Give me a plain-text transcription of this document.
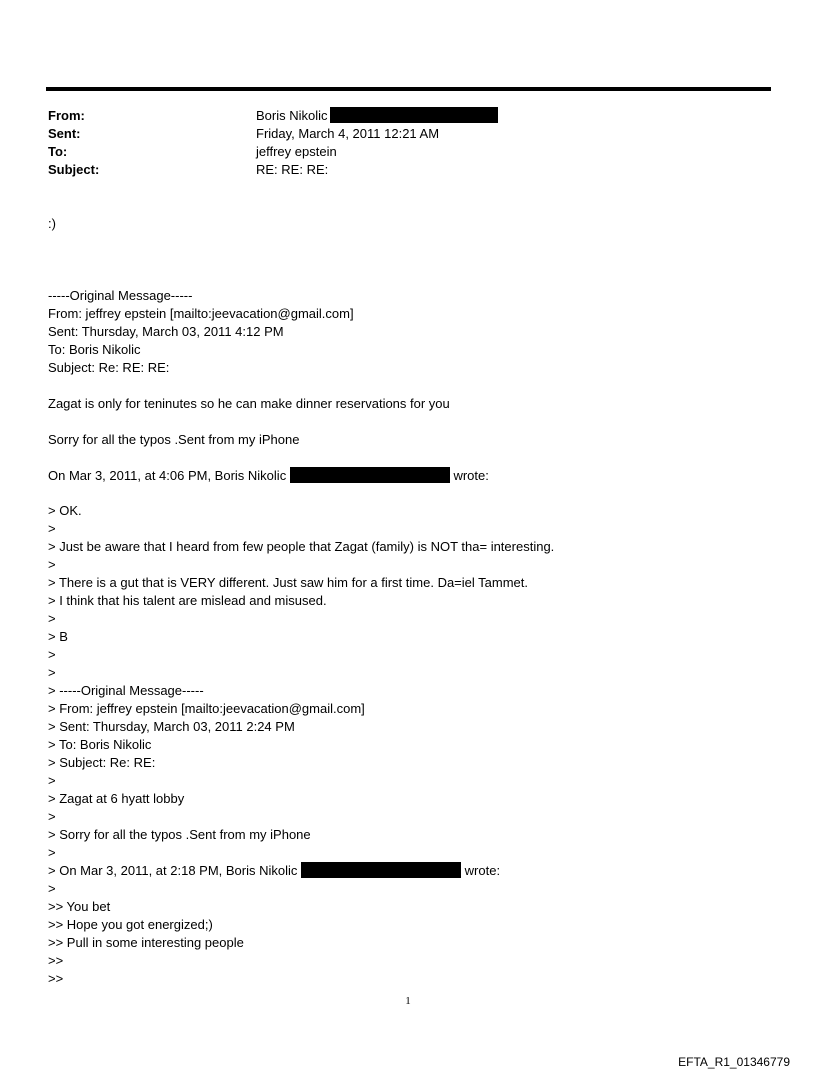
From:	Boris Nikolic
Sent:	Friday, March 4, 2011 12:21 AM
To:	jeffrey epstein
Subject:	RE: RE: RE:
:)
-----Original Message-----
From: jeffrey epstein [mailto:jeevacation@gmail.com]
Sent: Thursday, March 03, 2011 4:12 PM
To: Boris Nikolic
Subject: Re: RE: RE:
Zagat is only for teninutes so he can make dinner reservations for you
Sorry for all the typos .Sent from my iPhone
On Mar 3, 2011, at 4:06 PM, Boris Nikolic	wrote:
> OK.
>
> Just be aware that I heard from few people that Zagat (family) is NOT tha= interesting.
>
> There is a gut that is VERY different. Just saw him for a first time. Da=iel Tammet.
> I think that his talent are mislead and misused.
>
> B
>
>
> -----Original Message-----
> From: jeffrey epstein [mailto:jeevacation@gmail.com]
> Sent: Thursday, March 03, 2011 2:24 PM
> To: Boris Nikolic
> Subject: Re: RE:
>
> Zagat at 6 hyatt lobby
>
> Sorry for all the typos .Sent from my iPhone
>
> On Mar 3, 2011, at 2:18 PM, Boris Nikolic	wrote:
>
>> You bet
>> Hope you got energized;)
>> Pull in some interesting people
>>
>>
1
EFTA_R1_01346779
